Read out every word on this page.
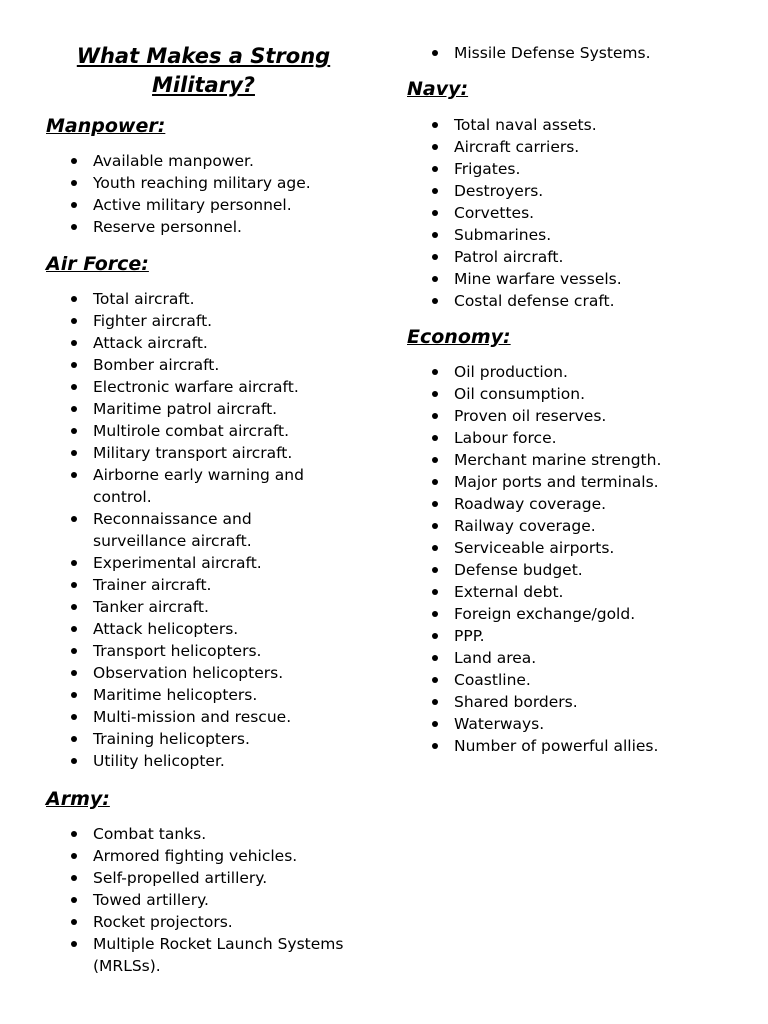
What Makes a Strong Military?
Manpower:
Available manpower.
Youth reaching military age.
Active military personnel.
Reserve personnel.
Air Force:
Total aircraft.
Fighter aircraft.
Attack aircraft.
Bomber aircraft.
Electronic warfare aircraft.
Maritime patrol aircraft.
Multirole combat aircraft.
Military transport aircraft.
Airborne early warning and control.
Reconnaissance and surveillance aircraft.
Experimental aircraft.
Trainer aircraft.
Tanker aircraft.
Attack helicopters.
Transport helicopters.
Observation helicopters.
Maritime helicopters.
Multi-mission and rescue.
Training helicopters.
Utility helicopter.
Army:
Combat tanks.
Armored fighting vehicles.
Self-propelled artillery.
Towed artillery.
Rocket projectors.
Multiple Rocket Launch Systems (MRLSs).
Missile Defense Systems.
Navy:
Total naval assets.
Aircraft carriers.
Frigates.
Destroyers.
Corvettes.
Submarines.
Patrol aircraft.
Mine warfare vessels.
Costal defense craft.
Economy:
Oil production.
Oil consumption.
Proven oil reserves.
Labour force.
Merchant marine strength.
Major ports and terminals.
Roadway coverage.
Railway coverage.
Serviceable airports.
Defense budget.
External debt.
Foreign exchange/gold.
PPP.
Land area.
Coastline.
Shared borders.
Waterways.
Number of powerful allies.
